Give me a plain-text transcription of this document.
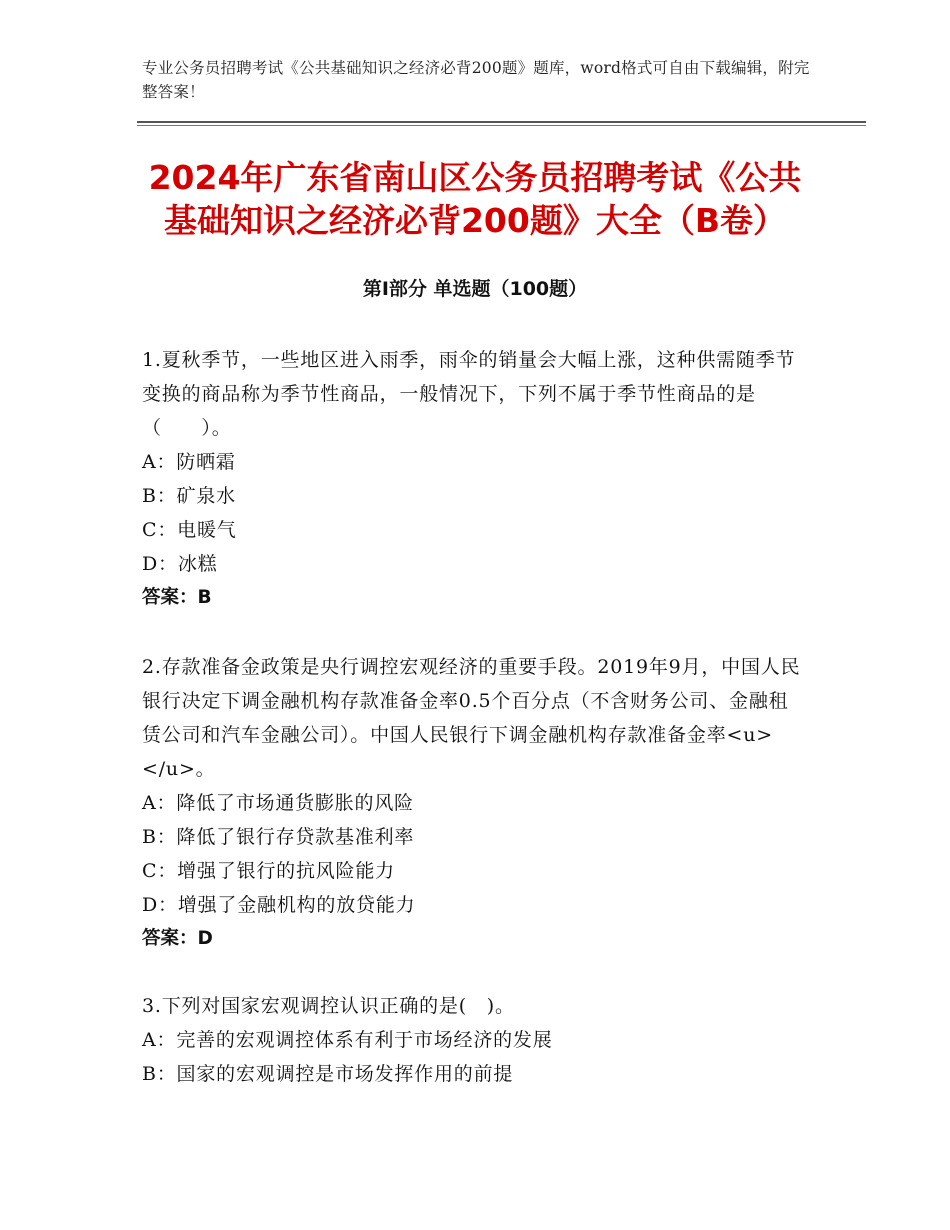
专业公务员招聘考试《公共基础知识之经济必背200题》题库，word格式可自由下载编辑，附完整答案！
2024年广东省南山区公务员招聘考试《公共基础知识之经济必背200题》大全（B卷）
第Ⅰ部分 单选题（100题）
1.夏秋季节，一些地区进入雨季，雨伞的销量会大幅上涨，这种供需随季节变换的商品称为季节性商品，一般情况下，下列不属于季节性商品的是（　　）。
A：防晒霜
B：矿泉水
C：电暖气
D：冰糕
答案：B
2.存款准备金政策是央行调控宏观经济的重要手段。2019年9月，中国人民银行决定下调金融机构存款准备金率0.5个百分点（不含财务公司、金融租赁公司和汽车金融公司）。中国人民银行下调金融机构存款准备金率<u>　　　　</u>。
A：降低了市场通货膨胀的风险
B：降低了银行存贷款基准利率
C：增强了银行的抗风险能力
D：增强了金融机构的放贷能力
答案：D
3.下列对国家宏观调控认识正确的是(　)。
A：完善的宏观调控体系有利于市场经济的发展
B：国家的宏观调控是市场发挥作用的前提
